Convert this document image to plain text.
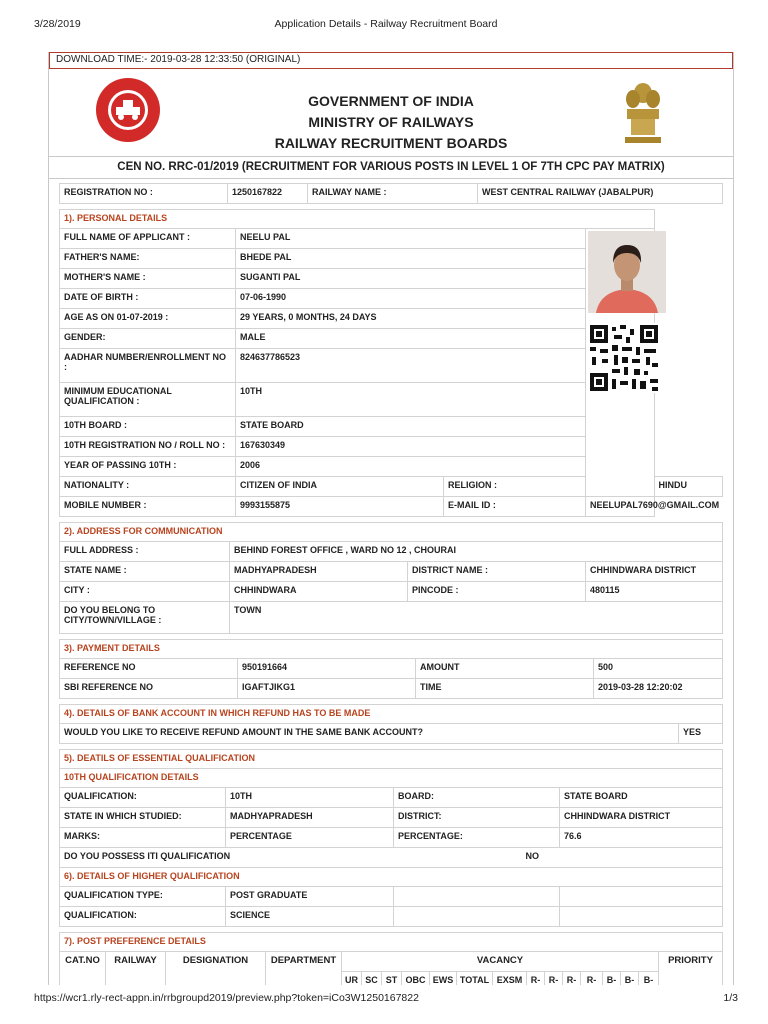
3/28/2019	Application Details - Railway Recruitment Board
DOWNLOAD TIME:- 2019-03-28 12:33:50 (ORIGINAL)
GOVERNMENT OF INDIA
MINISTRY OF RAILWAYS
RAILWAY RECRUITMENT BOARDS
CEN NO. RRC-01/2019 (RECRUITMENT FOR VARIOUS POSTS IN LEVEL 1 OF 7TH CPC PAY MATRIX)
REGISTRATION NO :	1250167822	RAILWAY NAME :	WEST CENTRAL RAILWAY (JABALPUR)
1). PERSONAL DETAILS				
FULL NAME OF APPLICANT :	NEELU PAL	

FATHER'S NAME:	BHEDE PAL			
MOTHER'S NAME :	SUGANTI PAL			
DATE OF BIRTH :	07-06-1990			
AGE AS ON 01-07-2019 :	29 YEARS, 0 MONTHS, 24 DAYS			
GENDER:	MALE			
AADHAR NUMBER/ENROLLMENT NO :	824637786523			
MINIMUM EDUCATIONAL QUALIFICATION :	10TH			
10TH BOARD :	STATE BOARD			
10TH REGISTRATION NO / ROLL NO :	167630349			
YEAR OF PASSING 10TH :	2006			
NATIONALITY :	CITIZEN OF INDIA	RELIGION :		HINDU
MOBILE NUMBER :	9993155875	E-MAIL ID :	NEELUPAL7690@GMAIL.COM	
2). ADDRESS FOR COMMUNICATION			
FULL ADDRESS :	BEHIND FOREST OFFICE , WARD NO 12 , CHOURAI		
STATE NAME :	MADHYAPRADESH	DISTRICT NAME :	CHHINDWARA DISTRICT
CITY :	CHHINDWARA	PINCODE :	480115
DO YOU BELONG TO CITY/TOWN/VILLAGE :	TOWN		
3). PAYMENT DETAILS			
REFERENCE NO	950191664	AMOUNT	500
SBI REFERENCE NO	IGAFTJIKG1	TIME	2019-03-28 12:20:02
4). DETAILS OF BANK ACCOUNT IN WHICH REFUND HAS TO BE MADE
WOULD YOU LIKE TO RECEIVE REFUND AMOUNT IN THE SAME BANK ACCOUNT?	YES
5). DEATILS OF ESSENTIAL QUALIFICATION			
10TH QUALIFICATION DETAILS			
QUALIFICATION:	10TH	BOARD:	STATE BOARD
STATE IN WHICH STUDIED:	MADHYAPRADESH	DISTRICT:	CHHINDWARA DISTRICT
MARKS:	PERCENTAGE	PERCENTAGE:	76.6
DO YOU POSSESS ITI QUALIFICATION		NO	
6). DETAILS OF HIGHER QUALIFICATION			
QUALIFICATION TYPE:	POST GRADUATE		
QUALIFICATION:	SCIENCE		
7). POST PREFERENCE DETAILS																		
CAT.NO	RAILWAY	DESIGNATION	DEPARTMENT	VACANCY														PRIORITY
				UR	SC	ST	OBC	EWS	TOTAL	EXSM	R-	R-	R-	R-	B-	B-	B-	
https://wcr1.rly-rect-appn.in/rrbgroupd2019/preview.php?token=iCo3W1250167822	1/3
